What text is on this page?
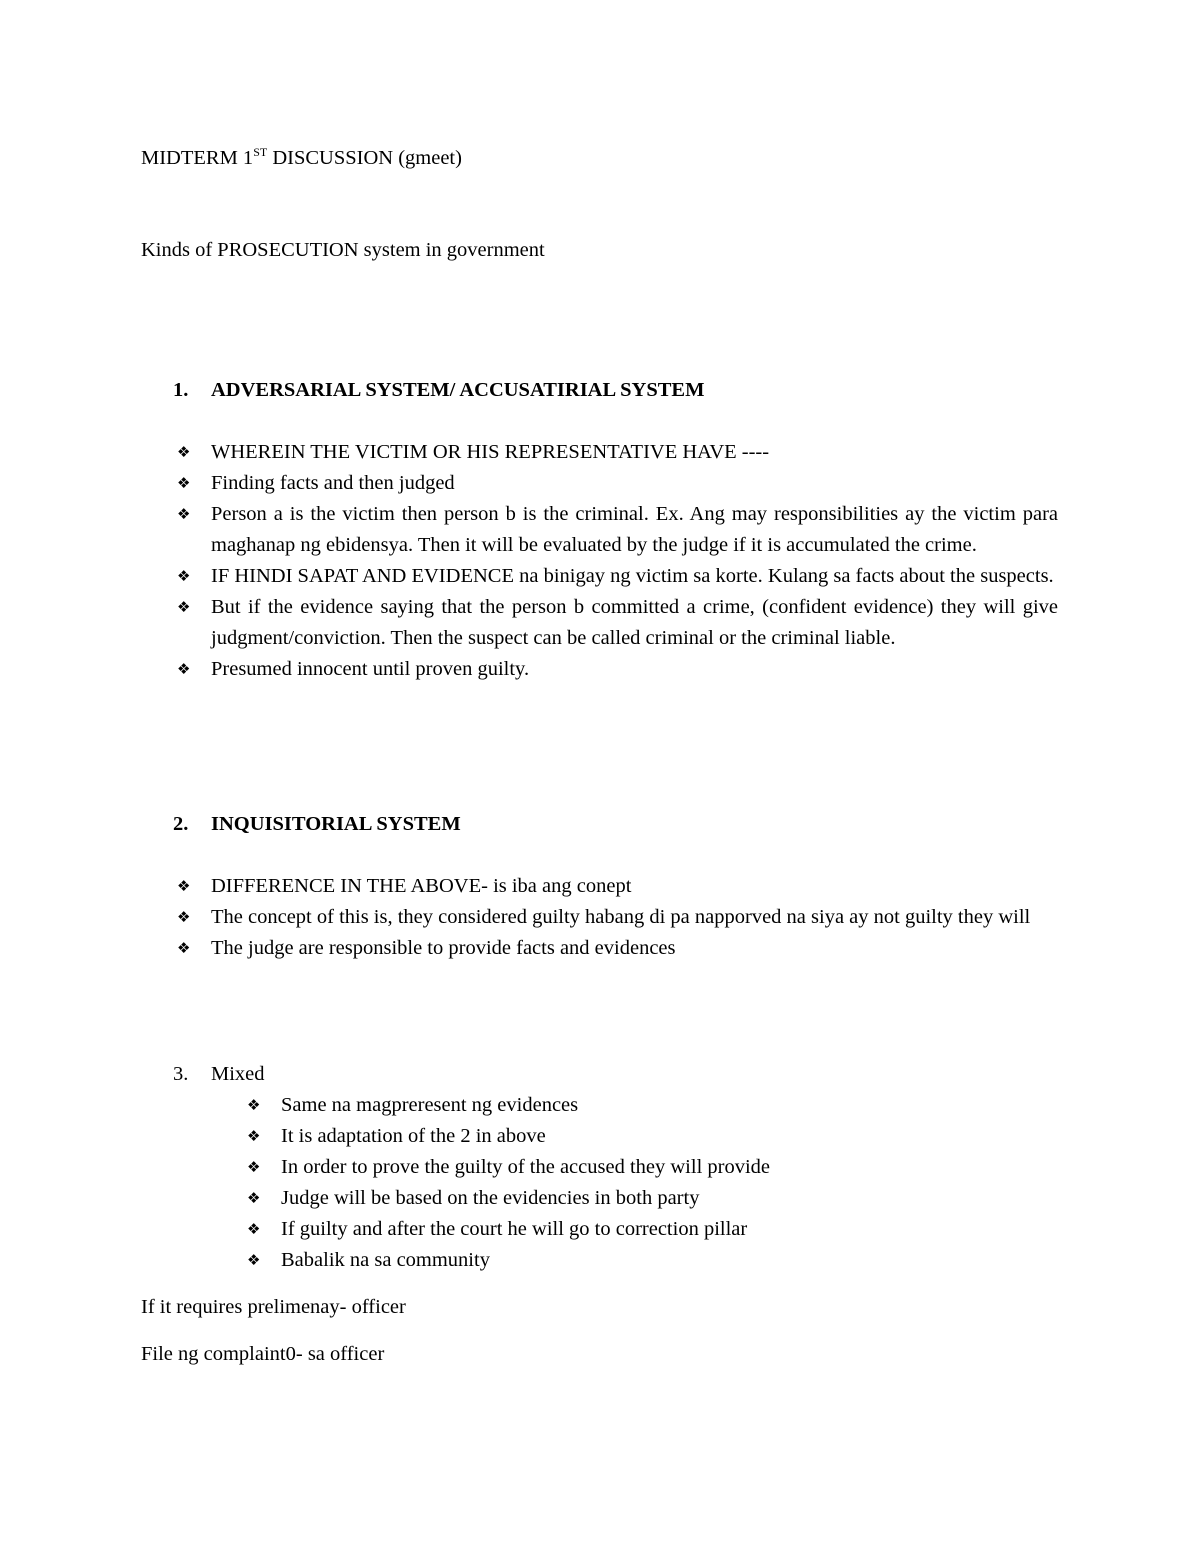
MIDTERM 1ST DISCUSSION (gmeet)
Kinds of PROSECUTION system in government
1. ADVERSARIAL SYSTEM/ ACCUSATIRIAL SYSTEM
❖	WHEREIN THE VICTIM OR HIS REPRESENTATIVE HAVE ----
❖	Finding facts and then judged
❖	Person a is the victim then person b is the criminal. Ex. Ang may responsibilities ay the victim para maghanap ng ebidensya. Then it will be evaluated by the judge if it is accumulated the crime.
❖	IF HINDI SAPAT AND EVIDENCE na binigay ng victim sa korte. Kulang sa facts about the suspects.
❖	But if the evidence saying that the person b committed a crime, (confident evidence) they will give judgment/conviction. Then the suspect can be called criminal or the criminal liable.
❖	Presumed innocent until proven guilty.
2. INQUISITORIAL SYSTEM
❖	DIFFERENCE IN THE ABOVE- is iba ang conept
❖	The concept of this is, they considered guilty habang di pa napporved na siya ay not guilty they will
❖	The judge are responsible to provide facts and evidences
3. Mixed
❖	Same na magpreresent ng evidences
❖	It is adaptation of the 2 in above
❖	In order to prove the guilty of the accused they will provide
❖	Judge will be based on the evidencies in both party
❖	If guilty and after the court he will go to correction pillar
❖	Babalik na sa community
If it requires prelimenay- officer
File ng complaint0- sa officer
